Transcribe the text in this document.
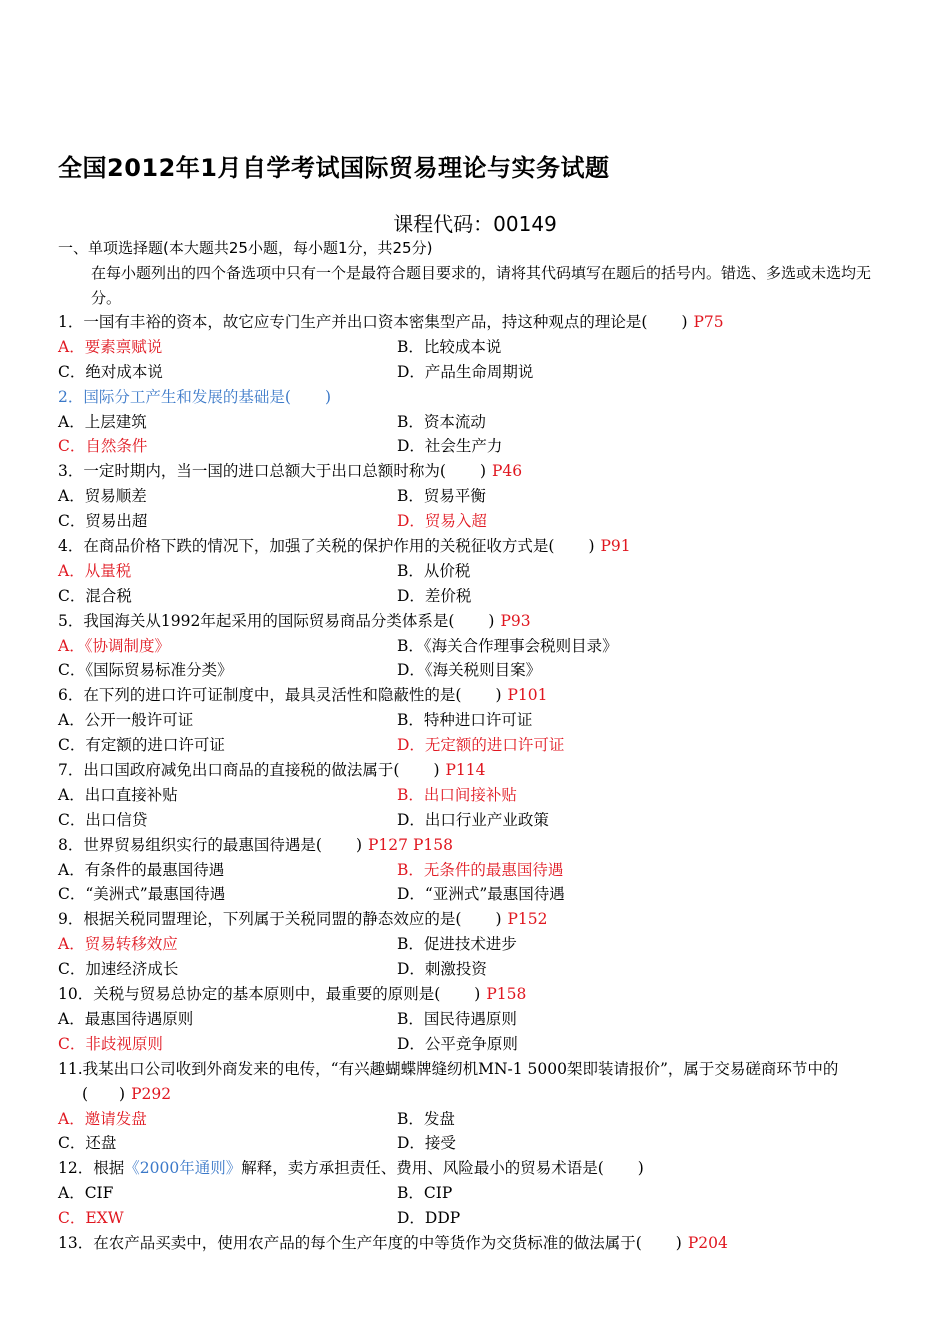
全国2012年1月自学考试国际贸易理论与实务试题
课程代码：00149
一、单项选择题(本大题共25小题，每小题1分，共25分)
在每小题列出的四个备选项中只有一个是最符合题目要求的，请将其代码填写在题后的括号内。错选、多选或未选均无分。
1．一国有丰裕的资本，故它应专门生产并出口资本密集型产品，持这种观点的理论是( ) P75
A．要素禀赋说	B．比较成本说
C．绝对成本说	D．产品生命周期说
2．国际分工产生和发展的基础是( )
A．上层建筑	B．资本流动
C．自然条件	D．社会生产力
3．一定时期内，当一国的进口总额大于出口总额时称为( ) P46
A．贸易顺差	B．贸易平衡
C．贸易出超	D．贸易入超
4．在商品价格下跌的情况下，加强了关税的保护作用的关税征收方式是( ) P91
A．从量税	B．从价税
C．混合税	D．差价税
5．我国海关从1992年起采用的国际贸易商品分类体系是( ) P93
A．《协调制度》	B．《海关合作理事会税则目录》
C．《国际贸易标准分类》	D．《海关税则目案》
6．在下列的进口许可证制度中，最具灵活性和隐蔽性的是( ) P101
A．公开一般许可证	B．特种进口许可证
C．有定额的进口许可证	D．无定额的进口许可证
7．出口国政府减免出口商品的直接税的做法属于( ) P114
A．出口直接补贴	B．出口间接补贴
C．出口信贷	D．出口行业产业政策
8．世界贸易组织实行的最惠国待遇是( ) P127 P158
A．有条件的最惠国待遇	B．无条件的最惠国待遇
C．“美洲式”最惠国待遇	D．“亚洲式”最惠国待遇
9．根据关税同盟理论，下列属于关税同盟的静态效应的是( ) P152
A．贸易转移效应	B．促进技术进步
C．加速经济成长	D．刺激投资
10．关税与贸易总协定的基本原则中，最重要的原则是( ) P158
A．最惠国待遇原则	B．国民待遇原则
C．非歧视原则	D．公平竞争原则
11.我某出口公司收到外商发来的电传，“有兴趣蝴蝶牌缝纫机MN-1 5000架即装请报价”，属于交易磋商环节中的
(　　) P292
A．邀请发盘	B．发盘
C．还盘	D．接受
12．根据《2000年通则》解释，卖方承担责任、费用、风险最小的贸易术语是( )
A．CIF	B．CIP
C．EXW	D．DDP
13．在农产品买卖中，使用农产品的每个生产年度的中等货作为交货标准的做法属于( ) P204
